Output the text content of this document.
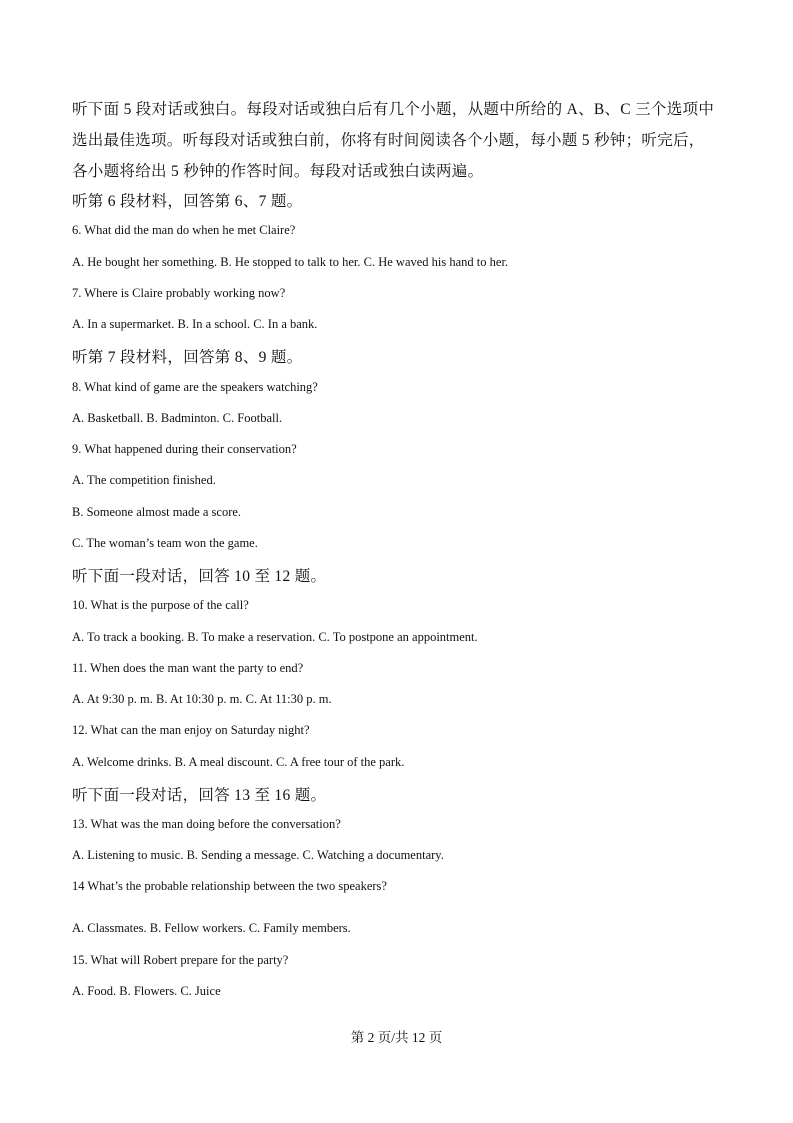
听下面 5 段对话或独白。每段对话或独白后有几个小题，从题中所给的 A、B、C 三个选项中
选出最佳选项。听每段对话或独白前，你将有时间阅读各个小题，每小题 5 秒钟；听完后，
各小题将给出 5 秒钟的作答时间。每段对话或独白读两遍。
听第 6 段材料，回答第 6、7 题。
6. What did the man do when he met Claire?
A. He bought her something. B. He stopped to talk to her. C. He waved his hand to her.
7. Where is Claire probably working now?
A. In a supermarket. B. In a school. C. In a bank.
听第 7 段材料，回答第 8、9 题。
8. What kind of game are the speakers watching?
A. Basketball. B. Badminton. C. Football.
9. What happened during their conservation?
A. The competition finished.
B. Someone almost made a score.
C. The woman’s team won the game.
听下面一段对话，回答 10 至 12 题。
10. What is the purpose of the call?
A. To track a booking. B. To make a reservation. C. To postpone an appointment.
11. When does the man want the party to end?
A. At 9:30 p. m. B. At 10:30 p. m. C. At 11:30 p. m.
12. What can the man enjoy on Saturday night?
A. Welcome drinks. B. A meal discount. C. A free tour of the park.
听下面一段对话，回答 13 至 16 题。
13. What was the man doing before the conversation?
A. Listening to music. B. Sending a message. C. Watching a documentary.
14 What’s the probable relationship between the two speakers?
A. Classmates. B. Fellow workers. C. Family members.
15. What will Robert prepare for the party?
A. Food. B. Flowers. C. Juice
第 2 页/共 12 页
